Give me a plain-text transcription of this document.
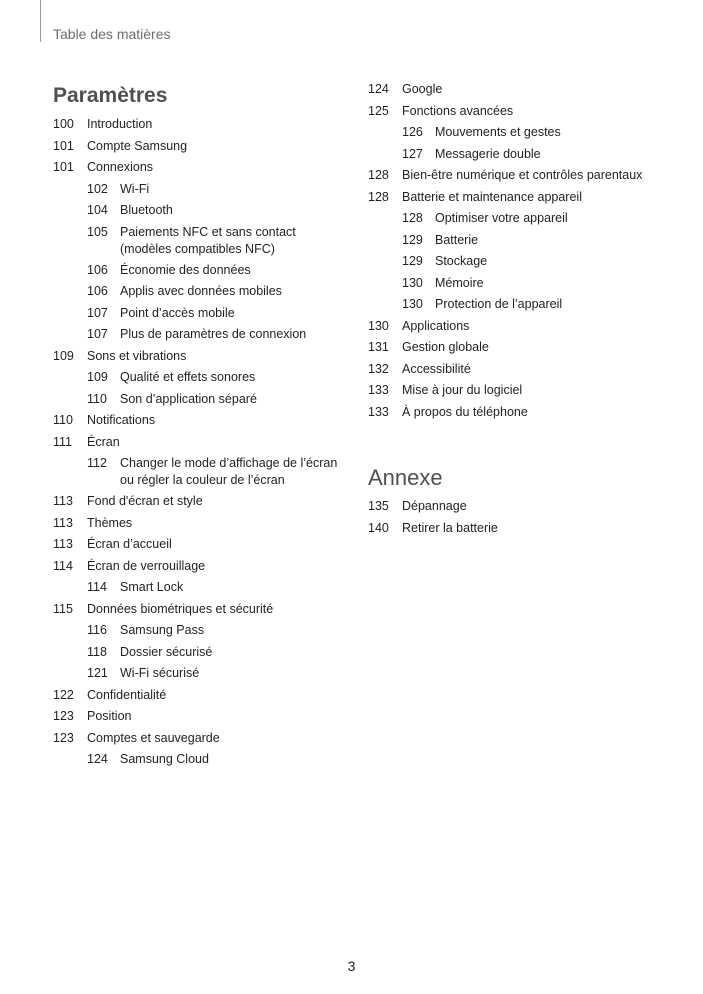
Table des matières
Paramètres
100	Introduction
101	Compte Samsung
101	Connexions
102 Wi-Fi
104 Bluetooth
105 Paiements NFC et sans contact
(modèles compatibles NFC)
106 Économie des données
106 Applis avec données mobiles
107 Point d’accès mobile
107 Plus de paramètres de connexion
109	Sons et vibrations
109 Qualité et effets sonores
110	Son d’application séparé
110	Notifications
111	Écran
112	Changer le mode d’affichage de l’écran
ou régler la couleur de l’écran
113	Fond d'écran et style
113	Thèmes
113	Écran d’accueil
114	Écran de verrouillage
114	Smart Lock
115	Données biométriques et sécurité
116	Samsung Pass
118	Dossier sécurisé
121 Wi-Fi sécurisé
122	Confidentialité
123	Position
123	Comptes et sauvegarde
124 Samsung Cloud
124	Google
125	Fonctions avancées
126 Mouvements et gestes
127 Messagerie double
128	Bien-être numérique et contrôles parentaux
128	Batterie et maintenance appareil
128 Optimiser votre appareil
129 Batterie
129 Stockage
130 Mémoire
130 Protection de l’appareil
130	Applications
131	Gestion globale
132	Accessibilité
133	Mise à jour du logiciel
133	À propos du téléphone
Annexe
135	Dépannage
140	Retirer la batterie
3
